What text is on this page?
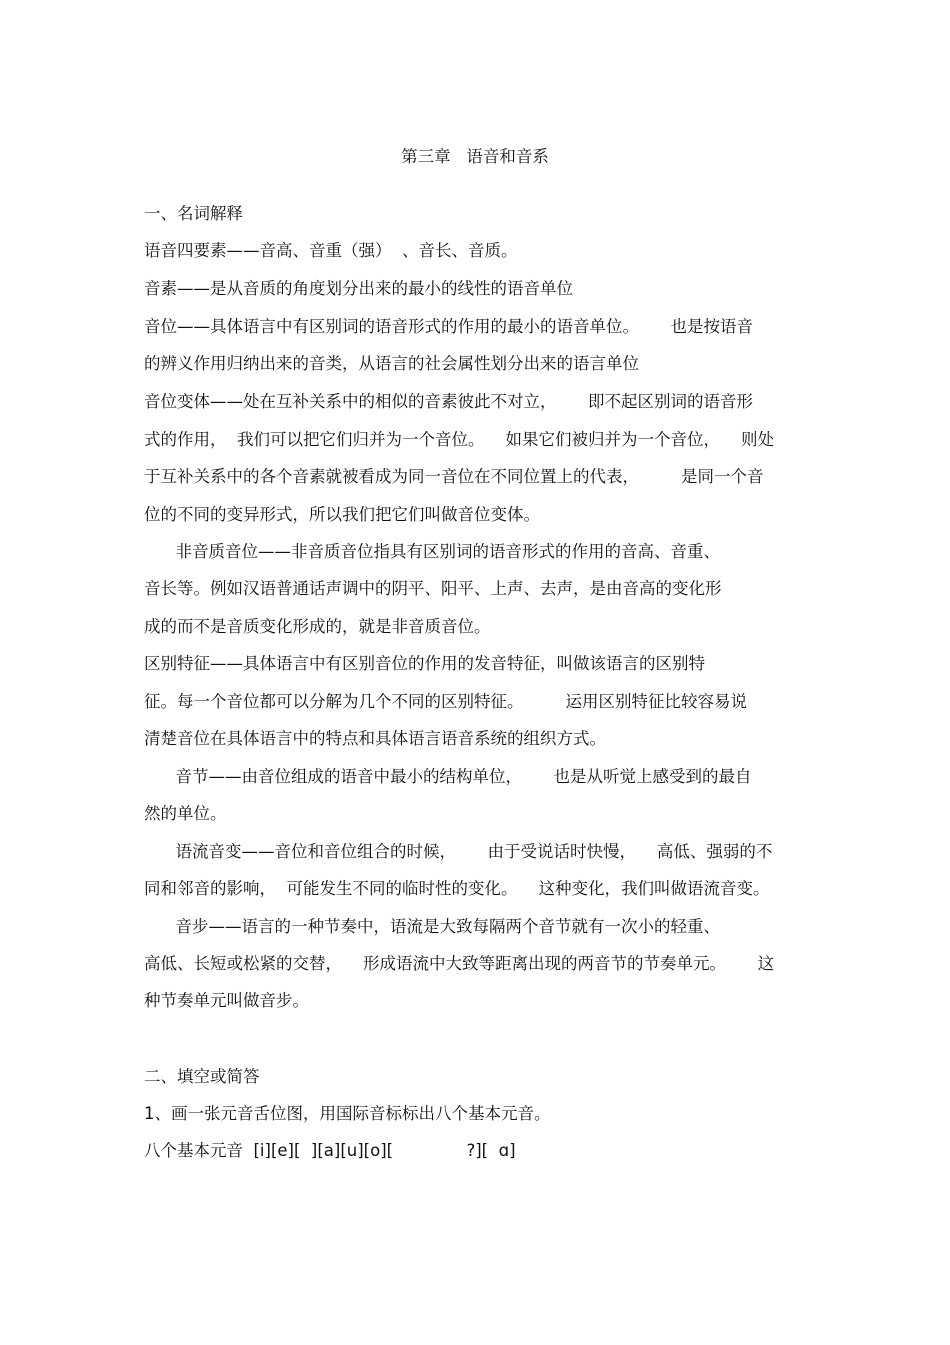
第三章   语音和音系
一、名词解释
语音四要素——音高、音重（强）  、音长、音质。
音素——是从音质的角度划分出来的最小的线性的语音单位
音位——具体语言中有区别词的语音形式的作用的最小的语音单位。      也是按语音
的辨义作用归纳出来的音类，从语言的社会属性划分出来的语言单位
音位变体——处在互补关系中的相似的音素彼此不对立，      即不起区别词的语音形
式的作用，  我们可以把它们归并为一个音位。    如果它们被归并为一个音位，    则处
于互补关系中的各个音素就被看成为同一音位在不同位置上的代表，        是同一个音
位的不同的变异形式，所以我们把它们叫做音位变体。
非音质音位——非音质音位指具有区别词的语音形式的作用的音高、音重、
音长等。例如汉语普通话声调中的阴平、阳平、上声、去声，是由音高的变化形
成的而不是音质变化形成的，就是非音质音位。
区别特征——具体语言中有区别音位的作用的发音特征，叫做该语言的区别特
征。每一个音位都可以分解为几个不同的区别特征。        运用区别特征比较容易说
清楚音位在具体语言中的特点和具体语言语音系统的组织方式。
音节——由音位组成的语音中最小的结构单位，      也是从听觉上感受到的最自
然的单位。
语流音变——音位和音位组合的时候，      由于受说话时快慢，    高低、强弱的不
同和邻音的影响，  可能发生不同的临时性的变化。    这种变化，我们叫做语流音变。
音步——语言的一种节奏中，语流是大致每隔两个音节就有一次小的轻重、
高低、长短或松紧的交替，    形成语流中大致等距离出现的两音节的节奏单元。      这
种节奏单元叫做音步。
二、填空或简答
1、画一张元音舌位图，用国际音标标出八个基本元音。
八个基本元音  [i][e][  ][a][u][o][              ?][  ɑ]
